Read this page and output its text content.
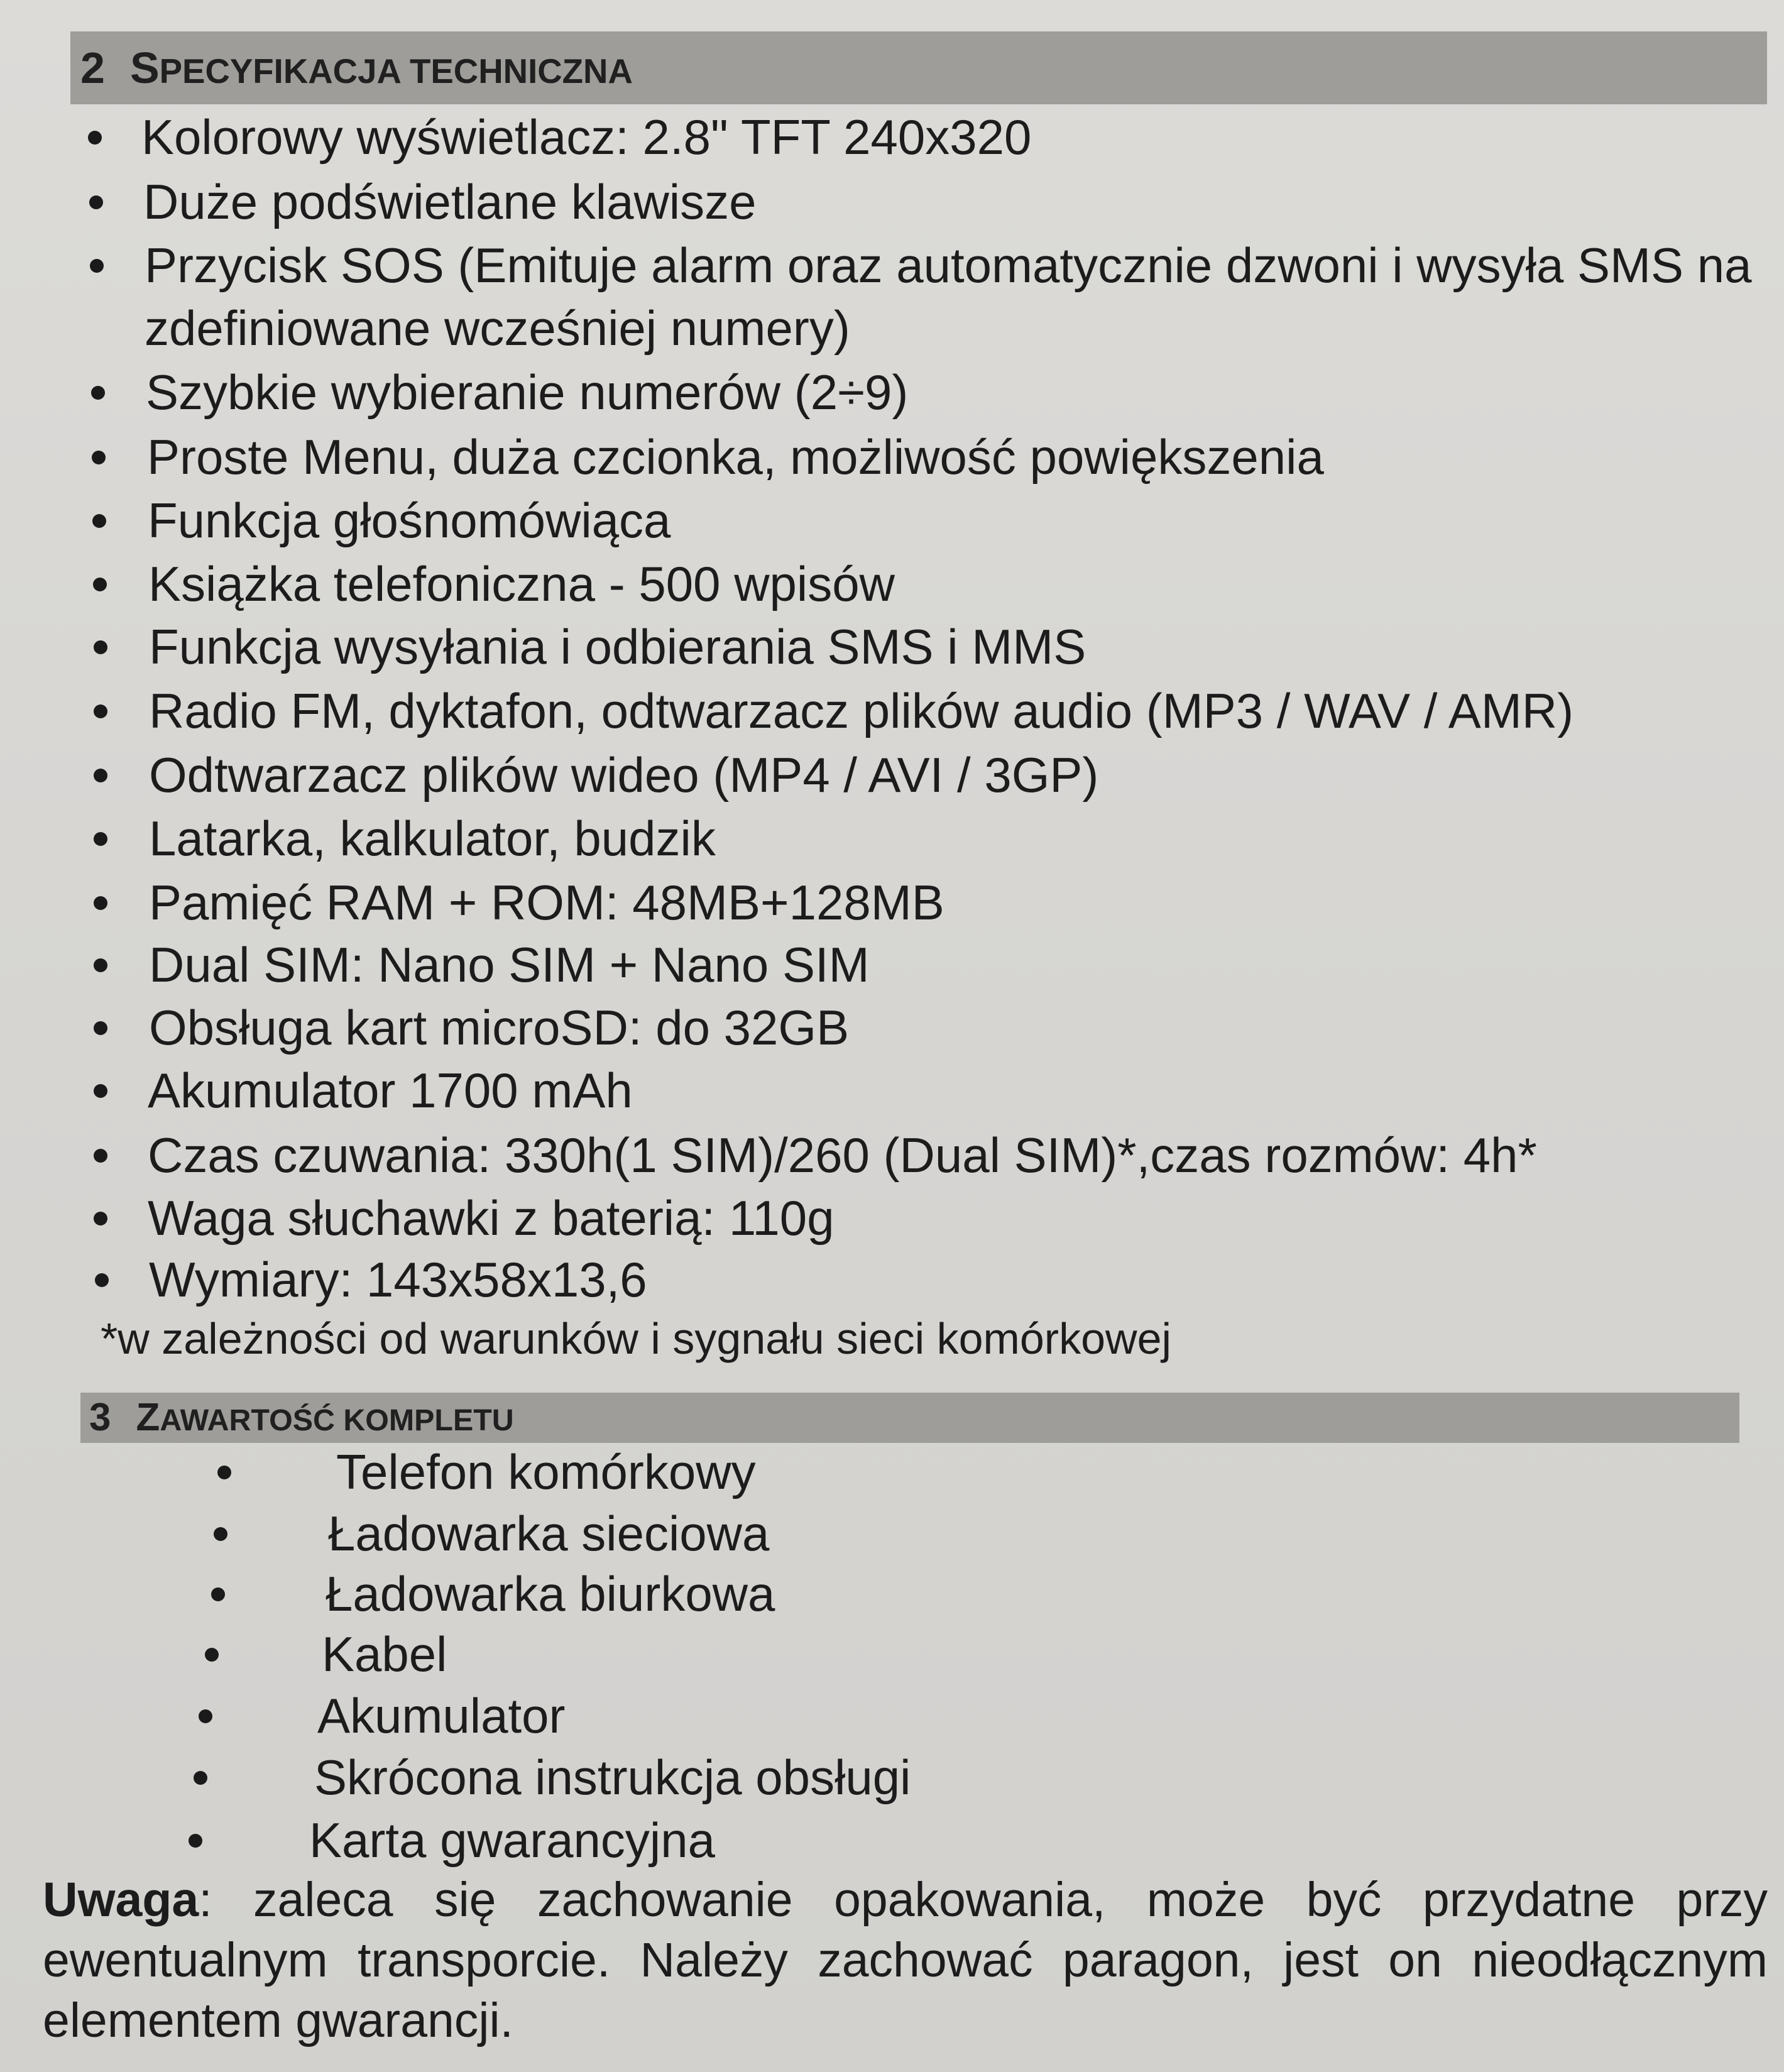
2 SPECYFIKACJA TECHNICZNA
Kolorowy wyświetlacz: 2.8" TFT 240x320
Duże podświetlane klawisze
Przycisk SOS (Emituje alarm oraz automatycznie dzwoni i wysyła SMS na
zdefiniowane wcześniej numery)
Szybkie wybieranie numerów (2÷9)
Proste Menu, duża czcionka, możliwość powiększenia
Funkcja głośnomówiąca
Książka telefoniczna - 500 wpisów
Funkcja wysyłania i odbierania SMS i MMS
Radio FM, dyktafon, odtwarzacz plików audio (MP3 / WAV / AMR)
Odtwarzacz plików wideo (MP4 / AVI / 3GP)
Latarka, kalkulator, budzik
Pamięć RAM + ROM: 48MB+128MB
Dual SIM: Nano SIM + Nano SIM
Obsługa kart microSD: do 32GB
Akumulator 1700 mAh
Czas czuwania: 330h(1 SIM)/260 (Dual SIM)*,czas rozmów: 4h*
Waga słuchawki z baterią: 110g
Wymiary: 143x58x13,6
*w zależności od warunków i sygnału sieci komórkowej
3 ZAWARTOŚĆ KOMPLETU
Telefon komórkowy
Ładowarka sieciowa
Ładowarka biurkowa
Kabel
Akumulator
Skrócona instrukcja obsługi
Karta gwarancyjna
Uwaga: zaleca się zachowanie opakowania, może być przydatne przy ewentualnym transporcie. Należy zachować paragon, jest on nieodłącznym elementem gwarancji.
